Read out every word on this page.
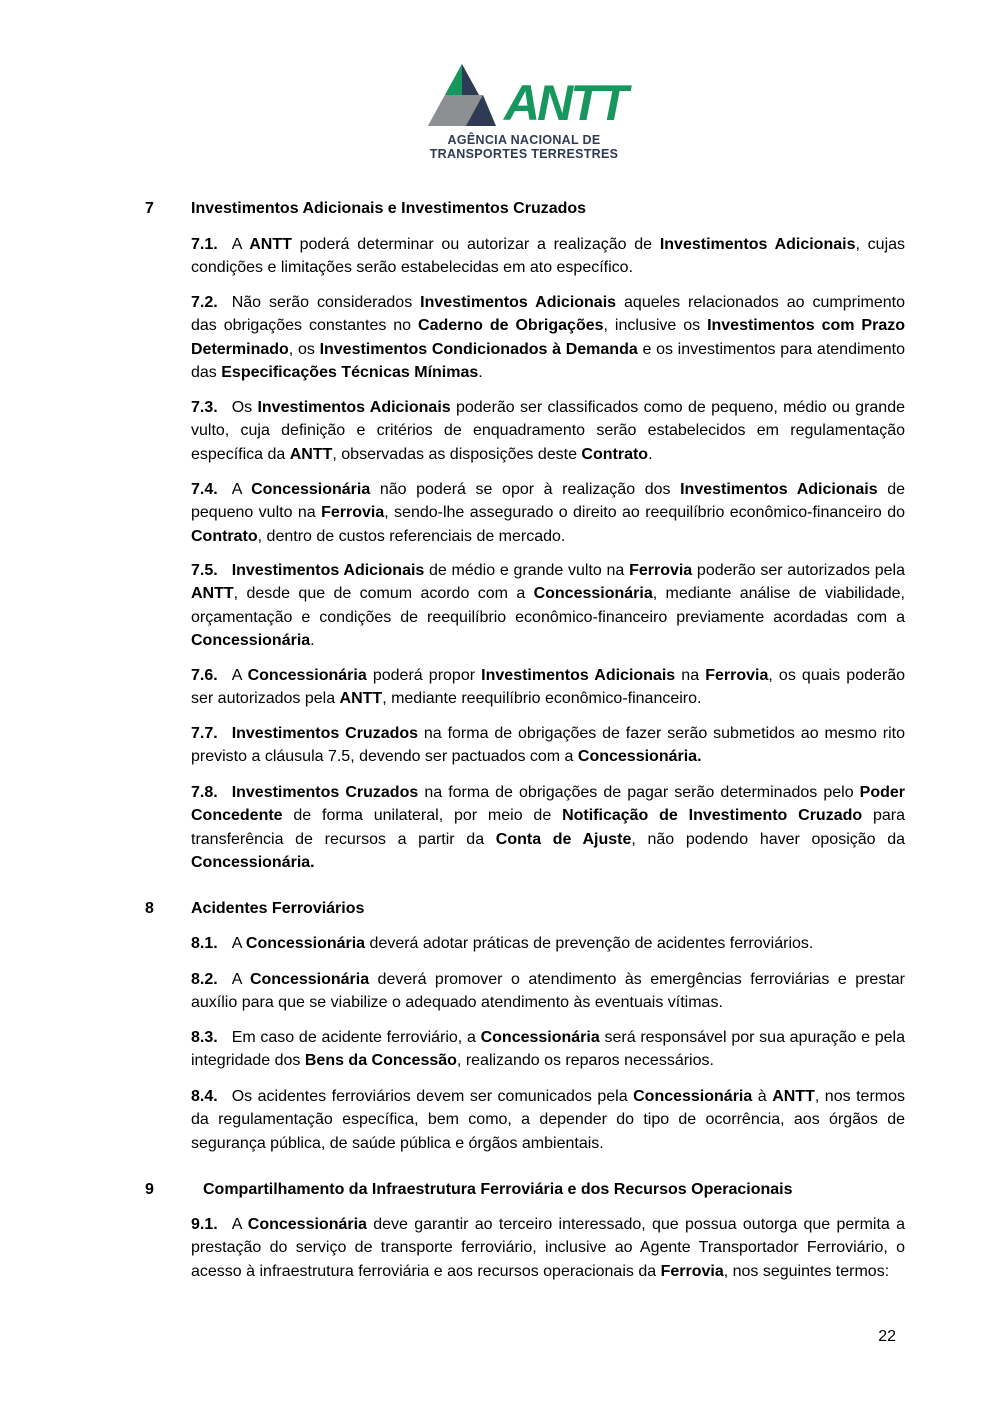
ANTT
AGÊNCIA NACIONAL DE
TRANSPORTES TERRESTRES
7 Investimentos Adicionais e Investimentos Cruzados
7.1. A ANTT poderá determinar ou autorizar a realização de Investimentos Adicionais, cujas condições e limitações serão estabelecidas em ato específico.
7.2. Não serão considerados Investimentos Adicionais aqueles relacionados ao cumprimento das obrigações constantes no Caderno de Obrigações, inclusive os Investimentos com Prazo Determinado, os Investimentos Condicionados à Demanda e os investimentos para atendimento das Especificações Técnicas Mínimas.
7.3. Os Investimentos Adicionais poderão ser classificados como de pequeno, médio ou grande vulto, cuja definição e critérios de enquadramento serão estabelecidos em regulamentação específica da ANTT, observadas as disposições deste Contrato.
7.4. A Concessionária não poderá se opor à realização dos Investimentos Adicionais de pequeno vulto na Ferrovia, sendo-lhe assegurado o direito ao reequilíbrio econômico-financeiro do Contrato, dentro de custos referenciais de mercado.
7.5. Investimentos Adicionais de médio e grande vulto na Ferrovia poderão ser autorizados pela ANTT, desde que de comum acordo com a Concessionária, mediante análise de viabilidade, orçamentação e condições de reequilíbrio econômico-financeiro previamente acordadas com a Concessionária.
7.6. A Concessionária poderá propor Investimentos Adicionais na Ferrovia, os quais poderão ser autorizados pela ANTT, mediante reequilíbrio econômico-financeiro.
7.7. Investimentos Cruzados na forma de obrigações de fazer serão submetidos ao mesmo rito previsto a cláusula 7.5, devendo ser pactuados com a Concessionária.
7.8. Investimentos Cruzados na forma de obrigações de pagar serão determinados pelo Poder Concedente de forma unilateral, por meio de Notificação de Investimento Cruzado para transferência de recursos a partir da Conta de Ajuste, não podendo haver oposição da Concessionária.
8 Acidentes Ferroviários
8.1. A Concessionária deverá adotar práticas de prevenção de acidentes ferroviários.
8.2. A Concessionária deverá promover o atendimento às emergências ferroviárias e prestar auxílio para que se viabilize o adequado atendimento às eventuais vítimas.
8.3. Em caso de acidente ferroviário, a Concessionária será responsável por sua apuração e pela integridade dos Bens da Concessão, realizando os reparos necessários.
8.4. Os acidentes ferroviários devem ser comunicados pela Concessionária à ANTT, nos termos da regulamentação específica, bem como, a depender do tipo de ocorrência, aos órgãos de segurança pública, de saúde pública e órgãos ambientais.
9	Compartilhamento da Infraestrutura Ferroviária e dos Recursos Operacionais
9.1. A Concessionária deve garantir ao terceiro interessado, que possua outorga que permita a prestação do serviço de transporte ferroviário, inclusive ao Agente Transportador Ferroviário, o acesso à infraestrutura ferroviária e aos recursos operacionais da Ferrovia, nos seguintes termos:
22
